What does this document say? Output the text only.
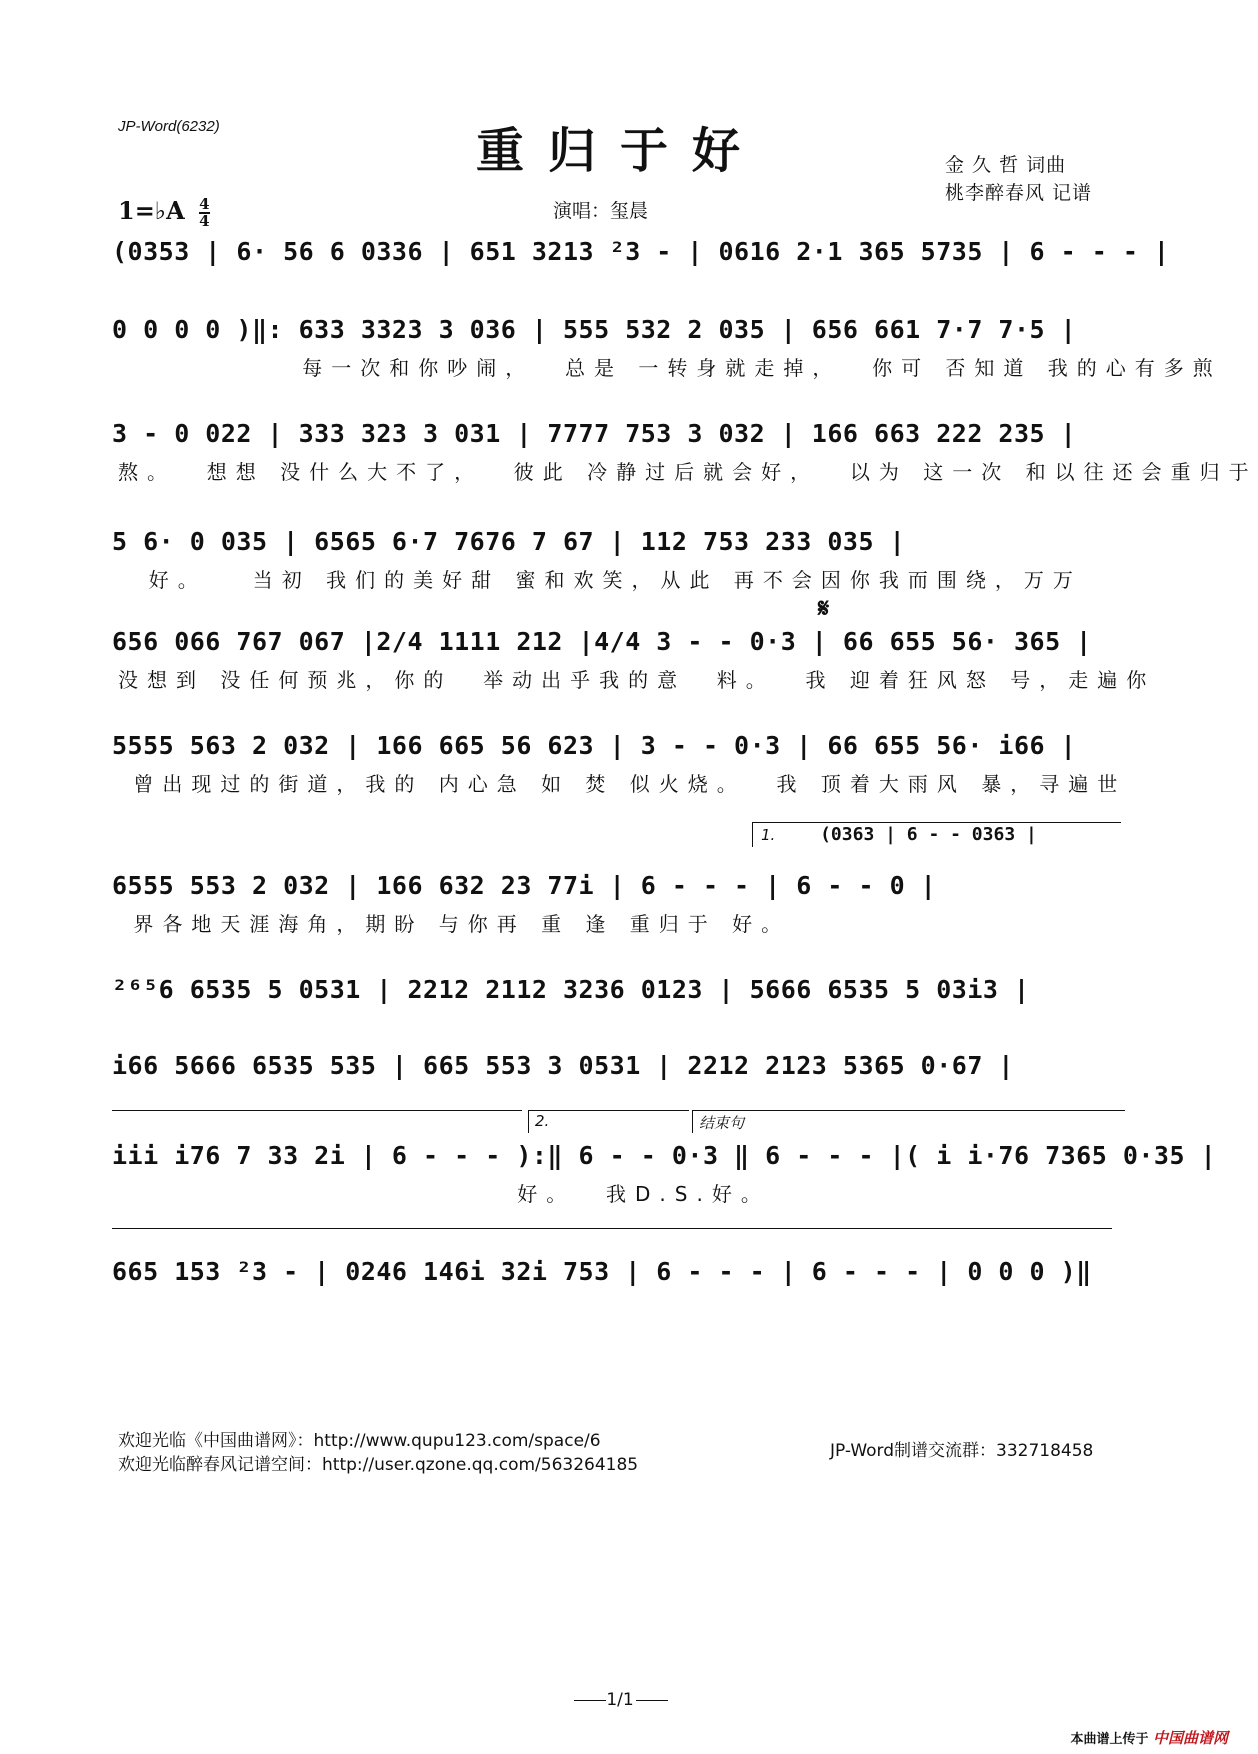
JP-Word(6232)	重归于好	金 久 哲 词曲
桃李醉春风 记谱
1=♭A $\frac{4}{4}$	演唱：玺晨
(0353 | 6· 56 6 0336 | 651 3213 ²3 - | 0616 2·1 365 5735 | 6 - - - |
0 0 0 0 )‖: 633 3323 3 036 | 555 532 2 035 | 656 661 7·7 7·5 |
每一次和你吵闹，  总是 一转身就走掉，  你可 否知道 我的心有多煎
3 - 0 022 | 333 323 3 031 | 7777 753 3 032 | 166 663 222 235 |
熬。  想想 没什么大不了，  彼此 冷静过后就会好，  以为 这一次 和以往还会重归于
5 6· 0 035 | 6565 6·7 7676 7 67 | 112 753 233 035 |
好。   当初 我们的美好甜 蜜和欢笑，从此 再不会因你我而围绕，万万
𝄋
656 066 767 067 |2/4 1111 212 |4/4 3 - - 0·3 | 66 655 56· 365 |
没想到 没任何预兆，你的  举动出乎我的意  料。  我 迎着狂风怒 号，走遍你
5555 563 2 032 | 166 665 56 623 | 3 - - 0·3 | 66 655 56· i66 |
曾出现过的街道，我的 内心急 如 焚 似火烧。  我 顶着大雨风 暴，寻遍世
1. (0363 | 6 - - 0363 |
6555 553 2 032 | 166 632 23 77i | 6 - - - | 6 - - 0 |
界各地天涯海角，期盼 与你再 重 逢 重归于 好。
²⁶⁵6 6535 5 0531 | 2212 2112 3236 0123 | 5666 6535 5 03i3 |
i66 5666 6535 535 | 665 553 3 0531 | 2212 2123 5365 0·67 |
2.	结束句
iii i76 7 33 2i | 6 - - - ):‖ 6 - - 0·3 ‖ 6 - - - |( i i·76 7365 0·35 |
好。  我D.S.好。
665 153 ²3 - | 0246 146i 32i 753 | 6 - - - | 6 - - - | 0 0 0 )‖
欢迎光临《中国曲谱网》：http://www.qupu123.com/space/6
欢迎光临醉春风记谱空间：http://user.qzone.qq.com/563264185
JP-Word制谱交流群：332718458
1/1
本曲谱上传于 中国曲谱网
